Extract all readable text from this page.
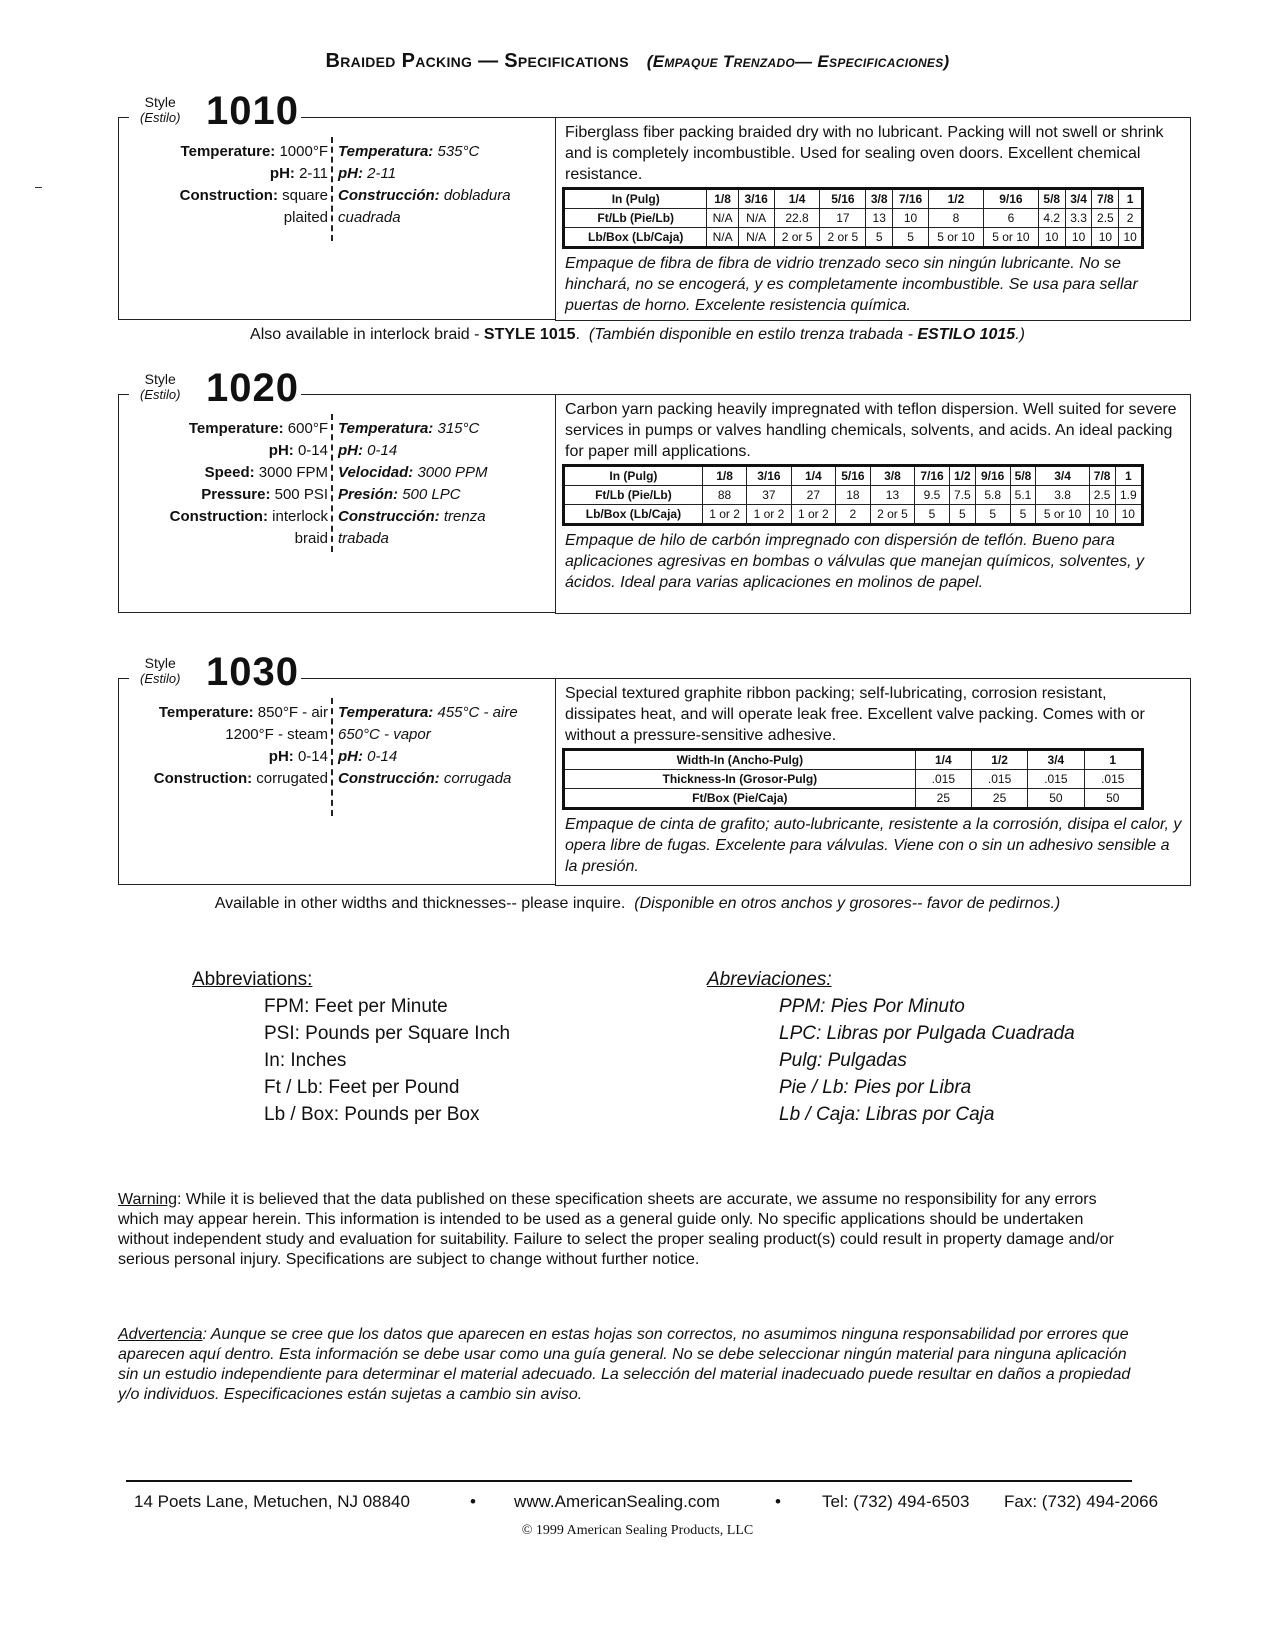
Braided Packing — Specifications (Empaque Trenzado— Especificaciones)
Style
(Estilo) 1010
Temperature: 1000°F
pH: 2-11
Construction: square
plaited
Temperatura: 535°C
pH: 2-11
Construcción: dobladura
cuadrada
Fiberglass fiber packing braided dry with no lubricant. Packing will not swell or shrink and is completely incombustible. Used for sealing oven doors. Excellent chemical resistance.
In (Pulg)	1/8	3/16	1/4	5/16	3/8	7/16	1/2	9/16	5/8	3/4	7/8	1
Ft/Lb (Pie/Lb)	N/A	N/A	22.8	17	13	10	8	6	4.2	3.3	2.5	2
Lb/Box (Lb/Caja)	N/A	N/A	2 or 5	2 or 5	5	5	5 or 10	5 or 10	10	10	10	10
Empaque de fibra de fibra de vidrio trenzado seco sin ningún lubricante. No se hinchará, no se encogerá, y es completamente incombustible. Se usa para sellar puertas de horno. Excelente resistencia química.
Style
(Estilo) 1020
Temperature: 600°F
pH: 0-14
Speed: 3000 FPM
Pressure: 500 PSI
Construction: interlock
braid
Temperatura: 315°C
pH: 0-14
Velocidad: 3000 PPM
Presión: 500 LPC
Construcción: trenza
trabada
Carbon yarn packing heavily impregnated with teflon dispersion. Well suited for severe services in pumps or valves handling chemicals, solvents, and acids. An ideal packing for paper mill applications.
In (Pulg)	1/8	3/16	1/4	5/16	3/8	7/16	1/2	9/16	5/8	3/4	7/8	1
Ft/Lb (Pie/Lb)	88	37	27	18	13	9.5	7.5	5.8	5.1	3.8	2.5	1.9
Lb/Box (Lb/Caja)	1 or 2	1 or 2	1 or 2	2	2 or 5	5	5	5	5	5 or 10	10	10
Empaque de hilo de carbón impregnado con dispersión de teflón. Bueno para aplicaciones agresivas en bombas o válvulas que manejan químicos, solventes, y ácidos. Ideal para varias aplicaciones en molinos de papel.
Style
(Estilo) 1030
Temperature: 850°F - air
1200°F - steam
pH: 0-14
Construction: corrugated
Temperatura: 455°C - aire
650°C - vapor
pH: 0-14
Construcción: corrugada
Special textured graphite ribbon packing; self-lubricating, corrosion resistant, dissipates heat, and will operate leak free. Excellent valve packing. Comes with or without a pressure-sensitive adhesive.
Width-In (Ancho-Pulg)	1/4	1/2	3/4	1
Thickness-In (Grosor-Pulg)	.015	.015	.015	.015
Ft/Box (Pie/Caja)	25	25	50	50
Empaque de cinta de grafito; auto-lubricante, resistente a la corrosión, disipa el calor, y opera libre de fugas. Excelente para válvulas. Viene con o sin un adhesivo sensible a la presión.
Also available in interlock braid - STYLE 1015. (También disponible en estilo trenza trabada - ESTILO 1015.)
Available in other widths and thicknesses-- please inquire. (Disponible en otros anchos y grosores-- favor de pedirnos.)
Abbreviations:
FPM: Feet per Minute
PSI: Pounds per Square Inch
In: Inches
Ft / Lb: Feet per Pound
Lb / Box: Pounds per Box
Abreviaciones:
PPM: Pies Por Minuto
LPC: Libras por Pulgada Cuadrada
Pulg: Pulgadas
Pie / Lb: Pies por Libra
Lb / Caja: Libras por Caja
Warning: While it is believed that the data published on these specification sheets are accurate, we assume no responsibility for any errors which may appear herein. This information is intended to be used as a general guide only. No specific applications should be undertaken without independent study and evaluation for suitability. Failure to select the proper sealing product(s) could result in property damage and/or serious personal injury. Specifications are subject to change without further notice.
Advertencia: Aunque se cree que los datos que aparecen en estas hojas son correctos, no asumimos ninguna responsabilidad por errores que aparecen aquí dentro. Esta información se debe usar como una guía general. No se debe seleccionar ningún material para ninguna aplicación sin un estudio independiente para determinar el material adecuado. La selección del material inadecuado puede resultar en daños a propiedad y/o individuos. Especificaciones están sujetas a cambio sin aviso.
14 Poets Lane, Metuchen, NJ 08840	• www.AmericanSealing.com	• Tel: (732) 494-6503 Fax: (732) 494-2066
© 1999 American Sealing Products, LLC
